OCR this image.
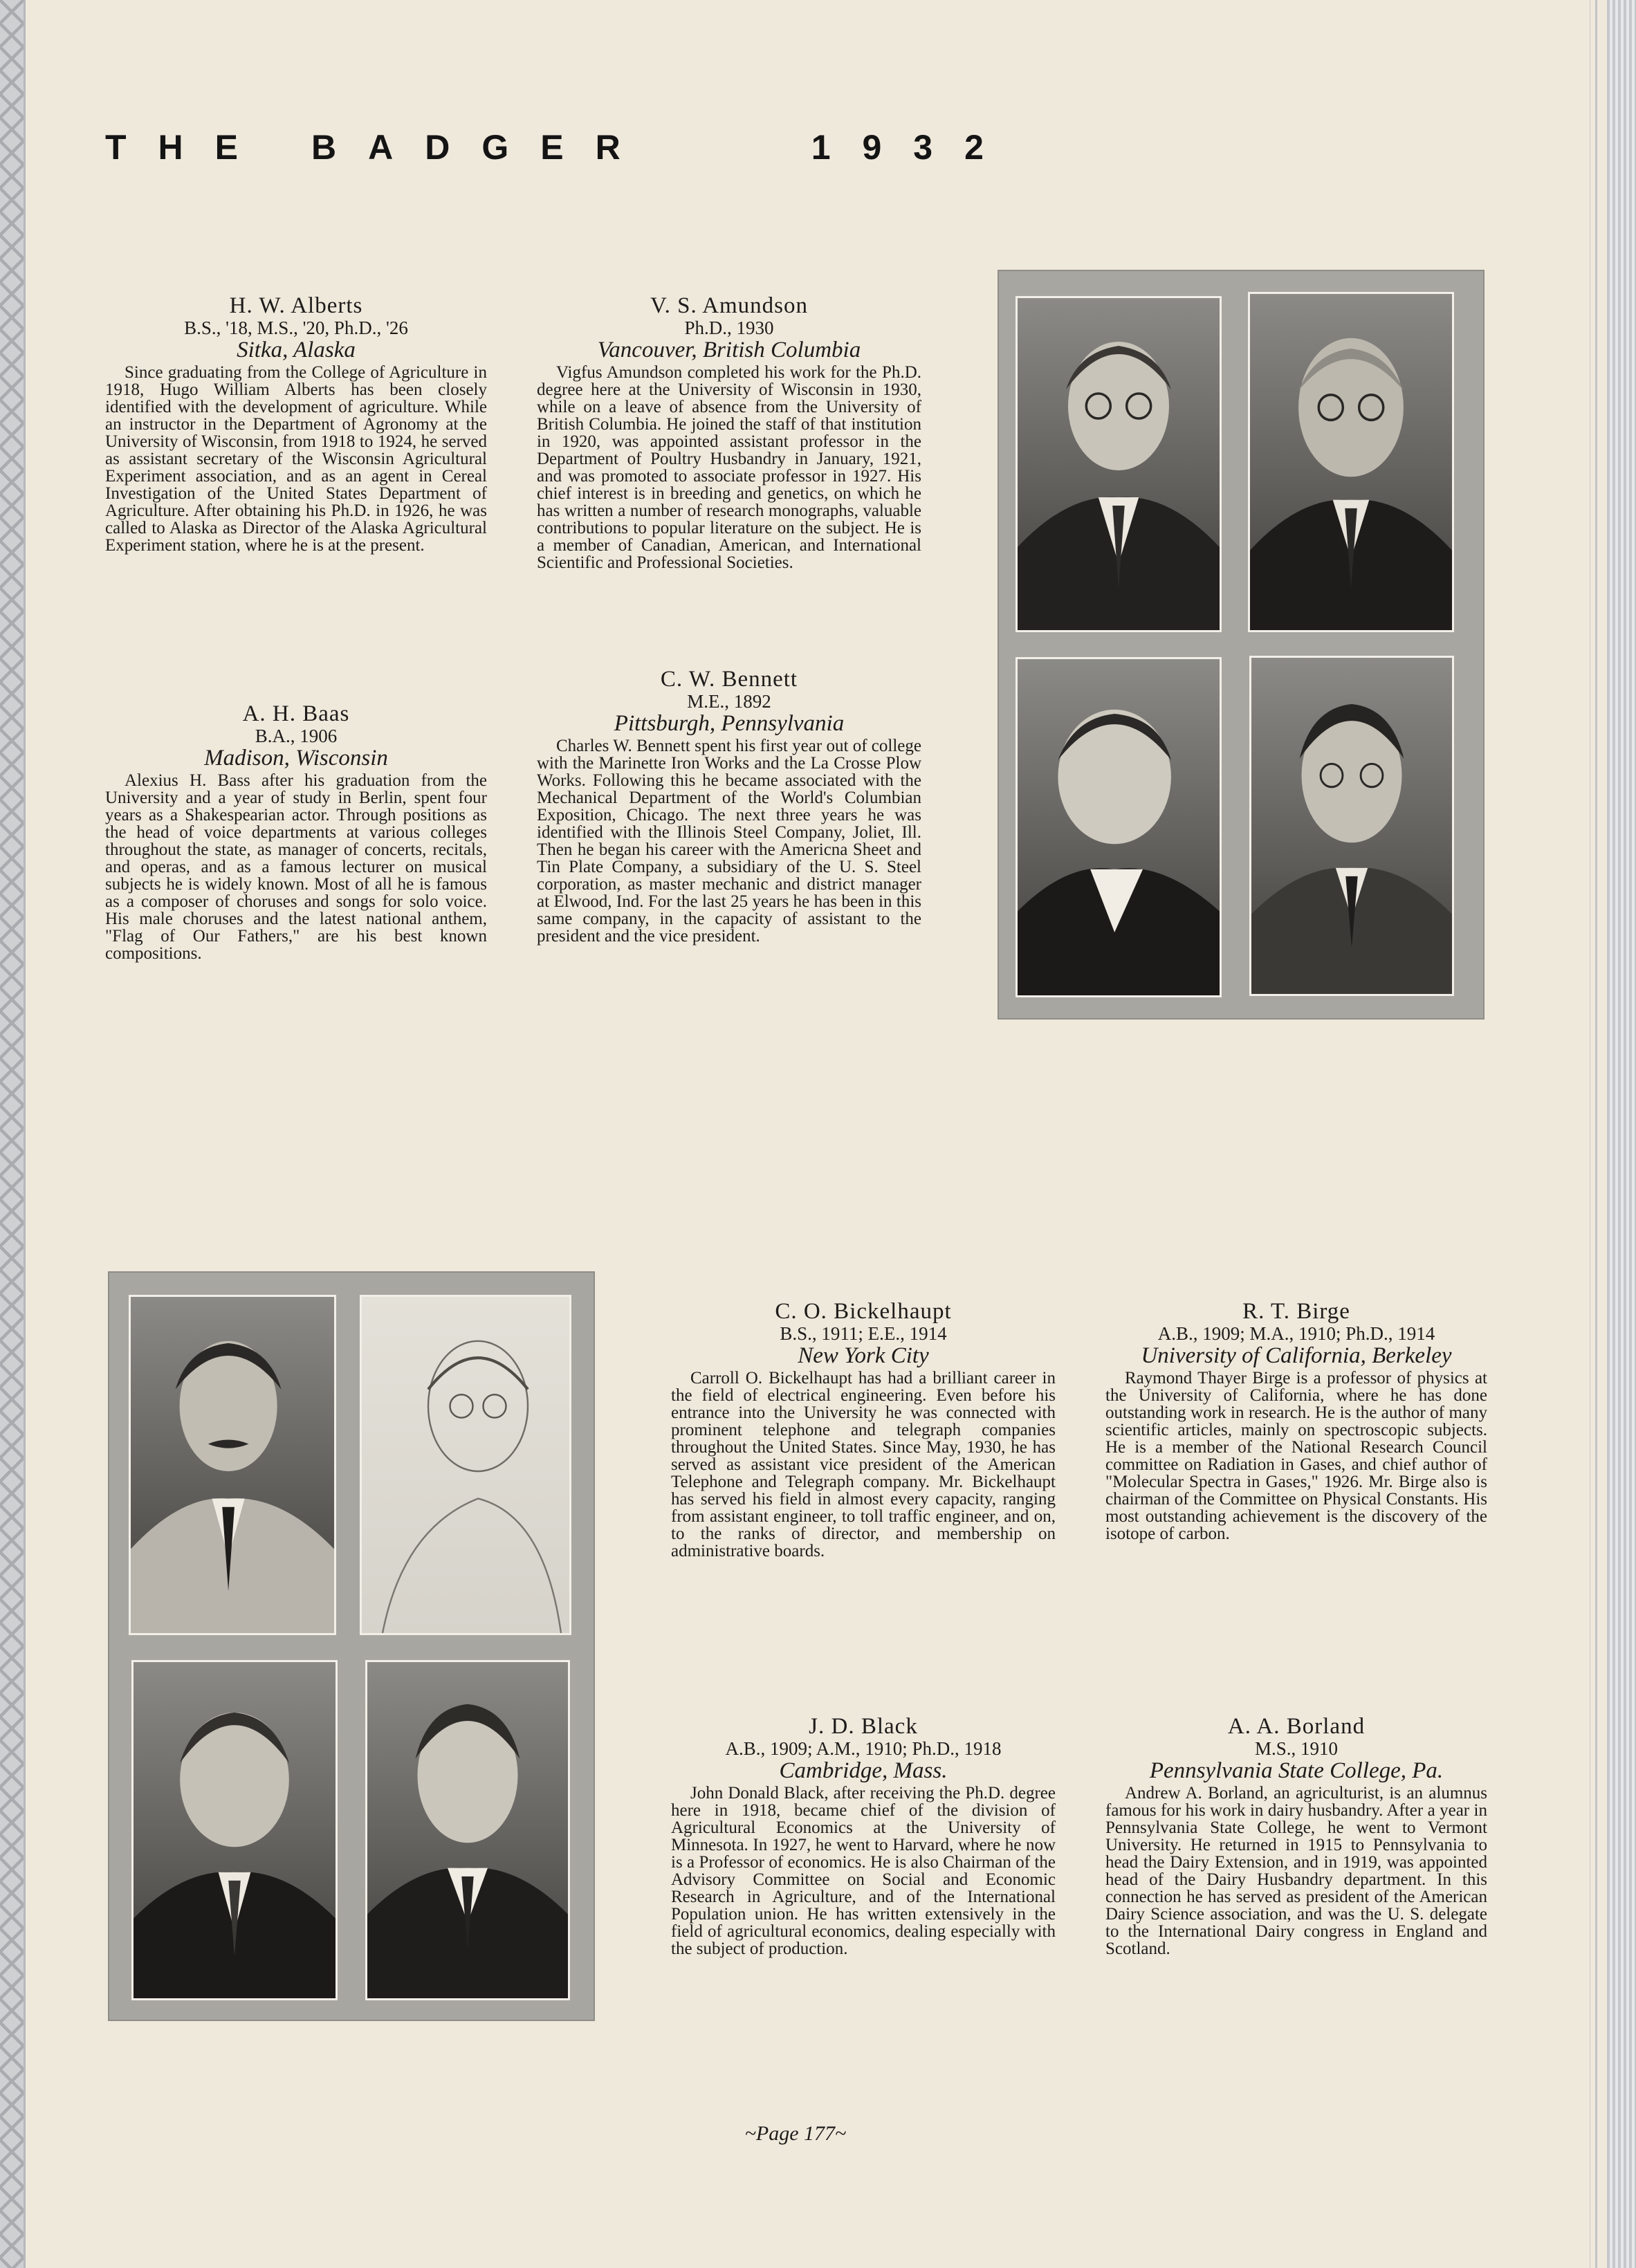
THE BADGER	1932
H. W. Alberts
B.S., '18, M.S., '20, Ph.D., '26
Sitka, Alaska
Since graduating from the College of Agriculture in 1918, Hugo William Alberts has been closely identified with the development of agriculture. While an instructor in the Department of Agronomy at the University of Wisconsin, from 1918 to 1924, he served as assistant secretary of the Wisconsin Agricultural Experiment association, and as an agent in Cereal Investigation of the United States Department of Agriculture. After obtaining his Ph.D. in 1926, he was called to Alaska as Director of the Alaska Agricultural Experiment station, where he is at the present.
V. S. Amundson
Ph.D., 1930
Vancouver, British Columbia
Vigfus Amundson completed his work for the Ph.D. degree here at the University of Wisconsin in 1930, while on a leave of absence from the University of British Columbia. He joined the staff of that institution in 1920, was appointed assistant professor in the Department of Poultry Husbandry in January, 1921, and was promoted to associate professor in 1927. His chief interest is in breeding and genetics, on which he has written a number of research monographs, valuable contributions to popular literature on the subject. He is a member of Canadian, American, and International Scientific and Professional Societies.
A. H. Baas
B.A., 1906
Madison, Wisconsin
Alexius H. Bass after his graduation from the University and a year of study in Berlin, spent four years as a Shakespearian actor. Through positions as the head of voice departments at various colleges throughout the state, as manager of concerts, recitals, and operas, and as a famous lecturer on musical subjects he is widely known. Most of all he is famous as a composer of choruses and songs for solo voice. His male choruses and the latest national anthem, "Flag of Our Fathers," are his best known compositions.
C. W. Bennett
M.E., 1892
Pittsburgh, Pennsylvania
Charles W. Bennett spent his first year out of college with the Marinette Iron Works and the La Crosse Plow Works. Following this he became associated with the Mechanical Department of the World's Columbian Exposition, Chicago. The next three years he was identified with the Illinois Steel Company, Joliet, Ill. Then he began his career with the Americna Sheet and Tin Plate Company, a subsidiary of the U. S. Steel corporation, as master mechanic and district manager at Elwood, Ind. For the last 25 years he has been in this same company, in the capacity of assistant to the president and the vice president.
C. O. Bickelhaupt
B.S., 1911; E.E., 1914
New York City
Carroll O. Bickelhaupt has had a brilliant career in the field of electrical engineering. Even before his entrance into the University he was connected with prominent telephone and telegraph companies throughout the United States. Since May, 1930, he has served as assistant vice president of the American Telephone and Telegraph company. Mr. Bickelhaupt has served his field in almost every capacity, ranging from assistant engineer, to toll traffic engineer, and on, to the ranks of director, and membership on administrative boards.
R. T. Birge
A.B., 1909; M.A., 1910; Ph.D., 1914
University of California, Berkeley
Raymond Thayer Birge is a professor of physics at the University of California, where he has done outstanding work in research. He is the author of many scientific articles, mainly on spectroscopic subjects. He is a member of the National Research Council committee on Radiation in Gases, and chief author of "Molecular Spectra in Gases," 1926. Mr. Birge also is chairman of the Committee on Physical Constants. His most outstanding achievement is the discovery of the isotope of carbon.
J. D. Black
A.B., 1909; A.M., 1910; Ph.D., 1918
Cambridge, Mass.
John Donald Black, after receiving the Ph.D. degree here in 1918, became chief of the division of Agricultural Economics at the University of Minnesota. In 1927, he went to Harvard, where he now is a Professor of economics. He is also Chairman of the Advisory Committee on Social and Economic Research in Agriculture, and of the International Population union. He has written extensively in the field of agricultural economics, dealing especially with the subject of production.
A. A. Borland
M.S., 1910
Pennsylvania State College, Pa.
Andrew A. Borland, an agriculturist, is an alumnus famous for his work in dairy husbandry. After a year in Pennsylvania State College, he went to Vermont University. He returned in 1915 to Pennsylvania to head the Dairy Extension, and in 1919, was appointed head of the Dairy Husbandry department. In this connection he has served as president of the American Dairy Science association, and was the U. S. delegate to the International Dairy congress in England and Scotland.
~Page 177~
